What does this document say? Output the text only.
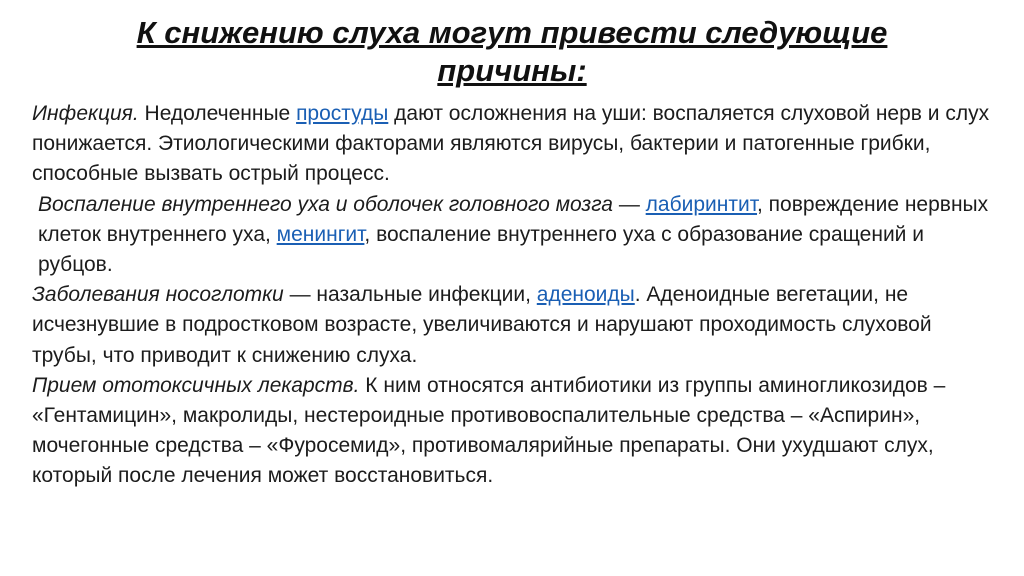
К снижению слуха могут привести следующие причины:

Инфекция. Недолеченные простуды дают осложнения на уши: воспаляется слуховой нерв и слух понижается. Этиологическими факторами являются вирусы, бактерии и патогенные грибки, способные вызвать острый процесс.

Воспаление внутреннего уха и оболочек головного мозга — лабиринтит, повреждение нервных клеток внутреннего уха, менингит, воспаление внутреннего уха с образование сращений и рубцов.

Заболевания носоглотки — назальные инфекции, аденоиды. Аденоидные вегетации, не исчезнувшие в подростковом возрасте, увеличиваются и нарушают проходимость слуховой трубы, что приводит к снижению слуха.

Прием ототоксичных лекарств. К ним относятся антибиотики из группы аминогликозидов – «Гентамицин», макролиды, нестероидные противовоспалительные средства – «Аспирин», мочегонные средства – «Фуросемид», противомалярийные препараты. Они ухудшают слух, который после лечения может восстановиться.
